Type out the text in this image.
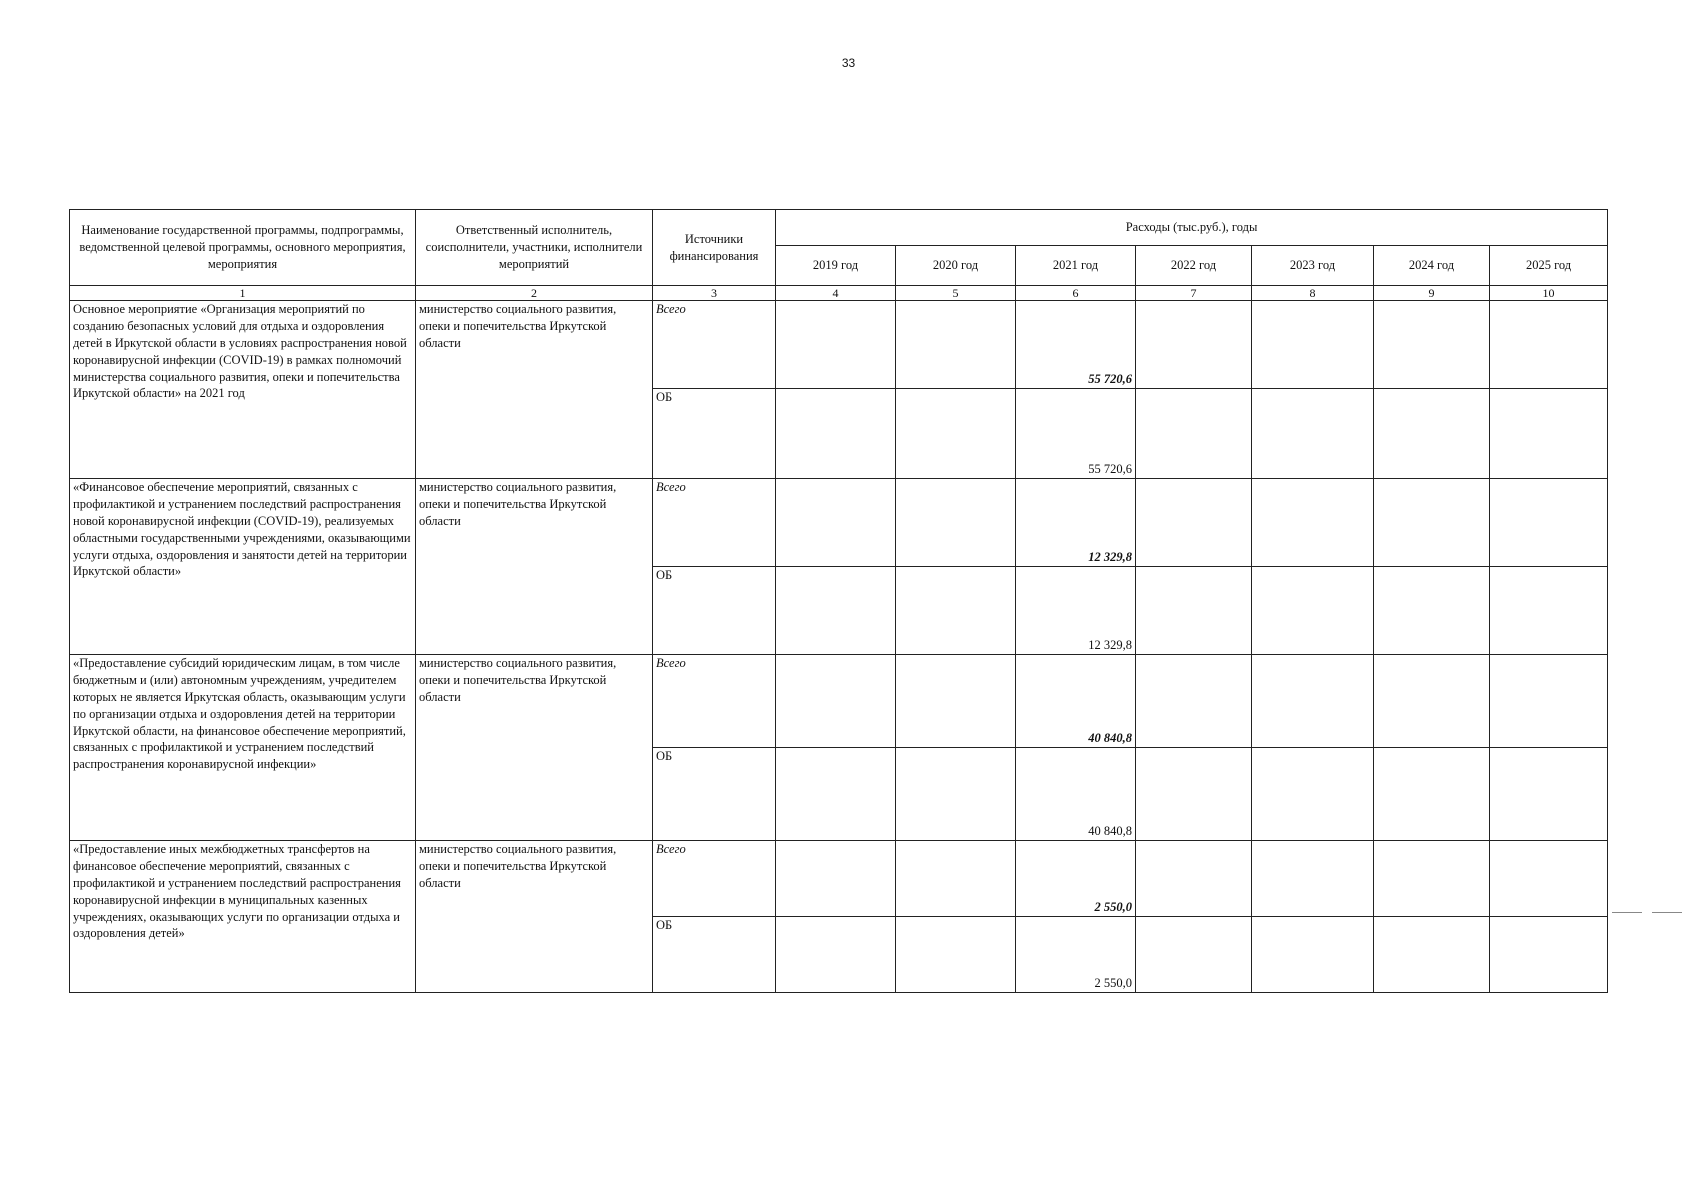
33
Наименование государственной программы, подпрограммы, ведомственной целевой программы, основного мероприятия, мероприятия	Ответственный исполнитель, соисполнители, участники, исполнители мероприятий	Источники финансирования	Расходы (тыс.руб.), годы						
			2019 год	2020 год	2021 год	2022 год	2023 год	2024 год	2025 год
1	2	3	4	5	6	7	8	9	10
Основное мероприятие «Организация мероприятий по созданию безопасных условий для отдыха и оздоровления детей в Иркутской области в условиях распространения новой коронавирусной инфекции (COVID-19) в рамках полномочий министерства социального развития, опеки и попечительства Иркутской области» на 2021 год	министерство социального развития, опеки и попечительства Иркутской области	Всего			55 720,6				
		ОБ			55 720,6				
«Финансовое обеспечение мероприятий, связанных с профилактикой и устранением последствий распространения новой коронавирусной инфекции (COVID-19), реализуемых областными государственными учреждениями, оказывающими услуги отдыха, оздоровления и занятости детей на территории Иркутской области»	министерство социального развития, опеки и попечительства Иркутской области	Всего			12 329,8				
		ОБ			12 329,8				
«Предоставление субсидий юридическим лицам, в том числе бюджетным и (или) автономным учреждениям, учредителем которых не является Иркутская область, оказывающим услуги по организации отдыха и оздоровления детей на территории Иркутской области, на финансовое обеспечение мероприятий, связанных с профилактикой и устранением последствий распространения коронавирусной инфекции»	министерство социального развития, опеки и попечительства Иркутской области	Всего			40 840,8				
		ОБ			40 840,8				
«Предоставление иных межбюджетных трансфертов на финансовое обеспечение мероприятий, связанных с профилактикой и устранением последствий распространения коронавирусной инфекции в муниципальных казенных учреждениях, оказывающих услуги по организации отдыха и оздоровления детей»	министерство социального развития, опеки и попечительства Иркутской области	Всего			2 550,0				
		ОБ			2 550,0				
